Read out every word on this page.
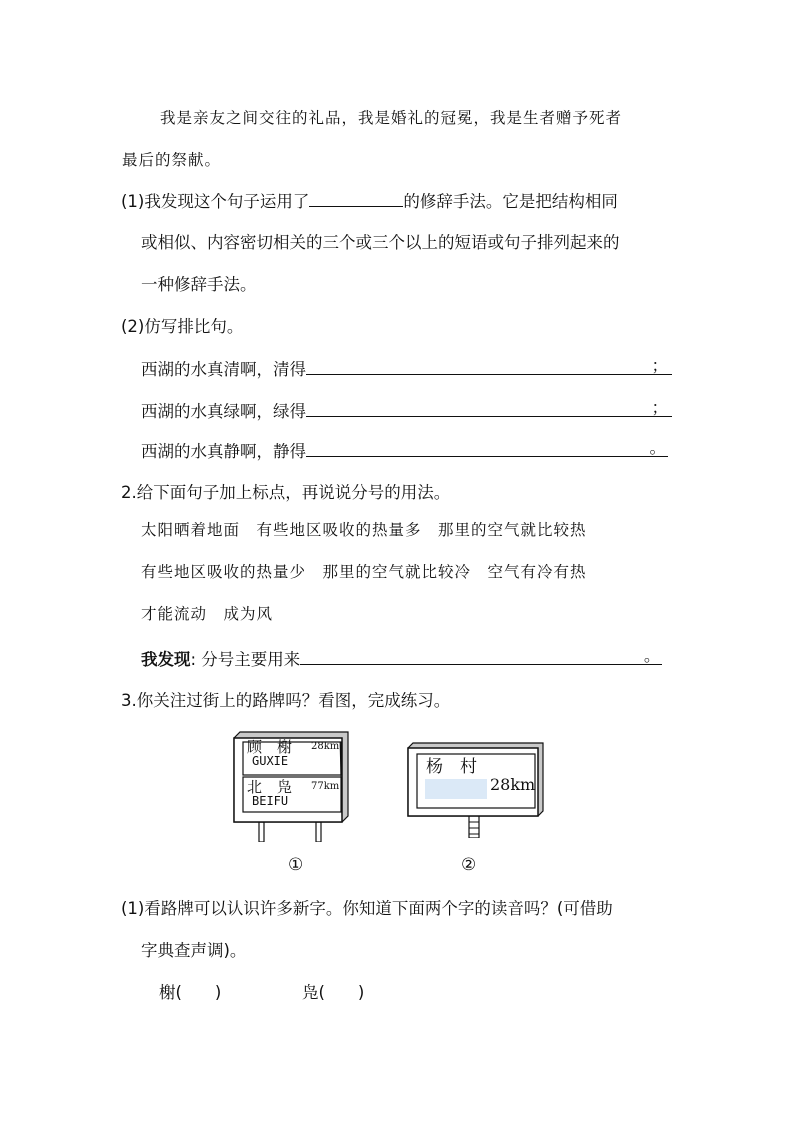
我是亲友之间交往的礼品，我是婚礼的冠冕，我是生者赠予死者
最后的祭献。
(1)我发现这个句子运用了	的修辞手法。它是把结构相同
或相似、内容密切相关的三个或三个以上的短语或句子排列起来的
一种修辞手法。
(2)仿写排比句。
西湖的水真清啊，清得	；
西湖的水真绿啊，绿得	；
西湖的水真静啊，静得	。
2.给下面句子加上标点，再说说分号的用法。
太阳晒着地面　有些地区吸收的热量多　那里的空气就比较热
有些地区吸收的热量少　那里的空气就比较冷　空气有冷有热
才能流动　成为风
我发现: 分号主要用来	。
3.你关注过街上的路牌吗？看图，完成练习。
顾　榭 28km
GUXIE
北　凫 77km
BEIFU
①
杨　村
28km
②
(1)看路牌可以认识许多新字。你知道下面两个字的读音吗？(可借助
字典查声调)。
榭(　　)	凫(　　)
